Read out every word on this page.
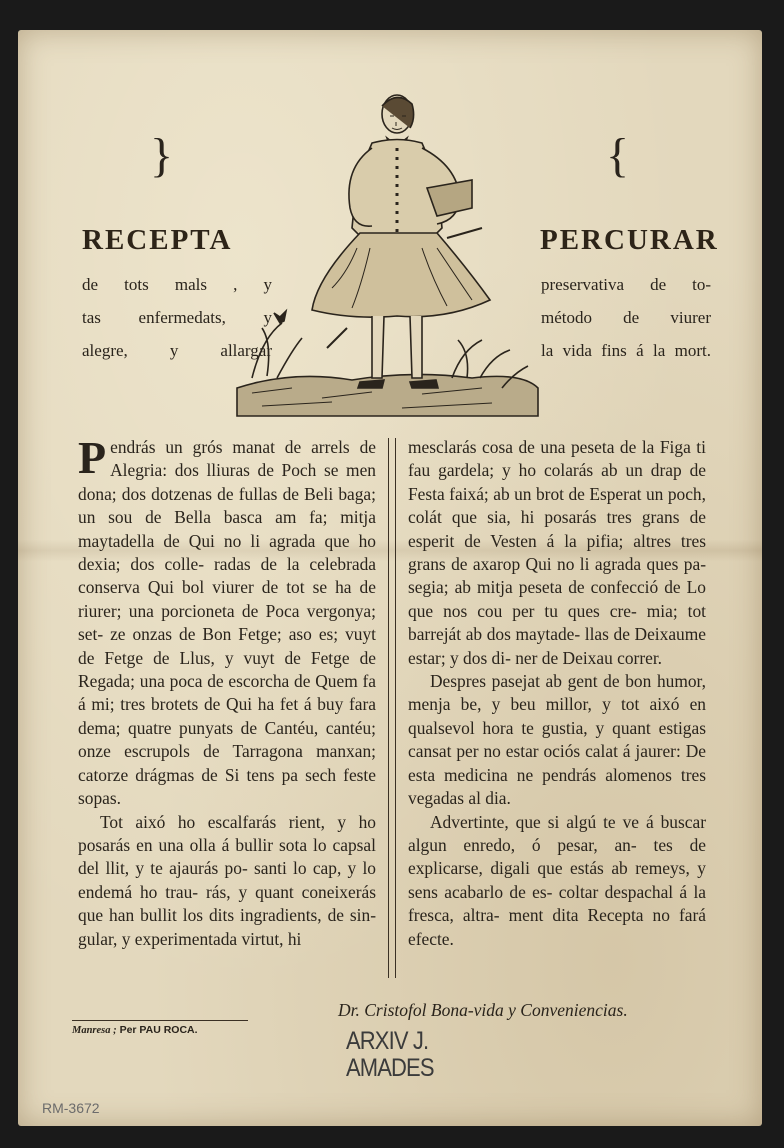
}	{
RECEPTA	PERCURAR
de tots mals , y
tas enfermedats, y
alegre, y allargar
preservativa de to-
método de viurer
la vida fins á la mort.

Pendrás un grós manat de arrels de Alegria: dos lliuras de Poch se men dona; dos dotzenas de fullas de Beli baga; un sou de Bella basca am fa; mitja maytadella de Qui no li agrada que ho dexia; dos colle- radas de la celebrada conserva Qui bol viurer de tot se ha de riurer; una porcioneta de Poca vergonya; set- ze onzas de Bon Fetge; aso es; vuyt de Fetge de Llus, y vuyt de Fetge de Regada; una poca de escorcha de Quem fa á mi; tres brotets de Qui ha fet á buy fara dema; quatre punyats de Cantéu, cantéu; onze escrupols de Tarragona manxan; catorze drágmas de Si tens pa sech feste sopas.

Tot aixó ho escalfarás rient, y ho posarás en una olla á bullir sota lo capsal del llit, y te ajaurás po- santi lo cap, y lo endemá ho trau- rás, y quant coneixerás que han bullit los dits ingradients, de sin- gular, y experimentada virtut, hi

mesclarás cosa de una peseta de la Figa ti fau gardela; y ho colarás ab un drap de Festa faixá; ab un brot de Esperat un poch, colát que sia, hi posarás tres grans de esperit de Vesten á la pifia; altres tres grans de axarop Qui no li agrada ques pa- segia; ab mitja peseta de confecció de Lo que nos cou per tu ques cre- mia; tot barreját ab dos maytade- llas de Deixaume estar; y dos di- ner de Deixau correr.

Despres pasejat ab gent de bon humor, menja be, y beu millor, y tot aixó en qualsevol hora te gustia, y quant estigas cansat per no estar ociós calat á jaurer: De esta medicina ne pendrás alomenos tres vegadas al dia.

Advertinte, que si algú te ve á buscar algun enredo, ó pesar, an- tes de explicarse, digali que estás ab remeys, y sens acabarlo de es- coltar despachal á la fresca, altra- ment dita Recepta no fará efecte.

Dr. Cristofol Bona-vida y Conveniencias.
Manresa ; Per PAU ROCA.	ARXIV J.
AMADES
RM-3672
